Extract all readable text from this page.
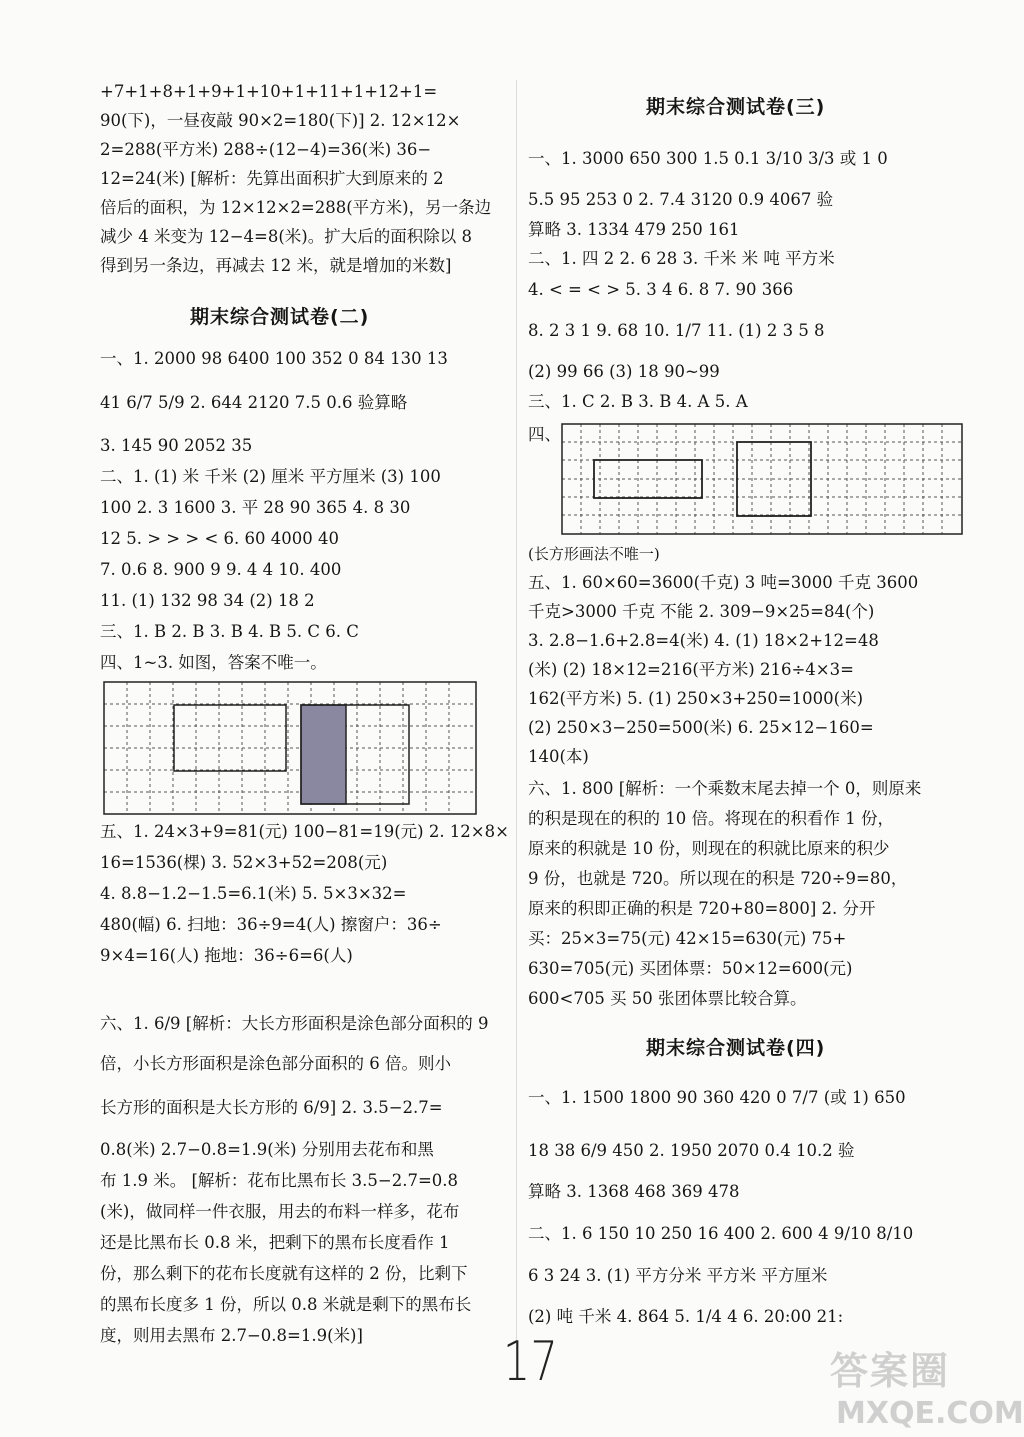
+7+1+8+1+9+1+10+1+11+1+12+1=
90(下)，一昼夜敲 90×2=180(下)] 2. 12×12×
2=288(平方米) 288÷(12−4)=36(米) 36−
12=24(米) [解析：先算出面积扩大到原来的 2
倍后的面积，为 12×12×2=288(平方米)，另一条边
减少 4 米变为 12−4=8(米)。扩大后的面积除以 8
得到另一条边，再减去 12 米，就是增加的米数]
期末综合测试卷(二)
一、1. 2000 98 6400 100 352 0 84 130 13
41 6/7 5/9 2. 644 2120 7.5 0.6 验算略
3. 145 90 2052 35
二、1. (1) 米 千米 (2) 厘米 平方厘米 (3) 100
100 2. 3 1600 3. 平 28 90 365 4. 8 30
12 5. > > > < 6. 60 4000 40
7. 0.6 8. 900 9 9. 4 4 10. 400
11. (1) 132 98 34 (2) 18 2
三、1. B 2. B 3. B 4. B 5. C 6. C
四、1~3. 如图，答案不唯一。
五、1. 24×3+9=81(元) 100−81=19(元) 2. 12×8×
16=1536(棵) 3. 52×3+52=208(元)
4. 8.8−1.2−1.5=6.1(米) 5. 5×3×32=
480(幅) 6. 扫地：36÷9=4(人) 擦窗户：36÷
9×4=16(人) 拖地：36÷6=6(人)
六、1. 6/9 [解析：大长方形面积是涂色部分面积的 9
倍，小长方形面积是涂色部分面积的 6 倍。则小
长方形的面积是大长方形的 6/9] 2. 3.5−2.7=
0.8(米) 2.7−0.8=1.9(米) 分别用去花布和黑
布 1.9 米。 [解析：花布比黑布长 3.5−2.7=0.8
(米)，做同样一件衣服，用去的布料一样多，花布
还是比黑布长 0.8 米，把剩下的黑布长度看作 1
份，那么剩下的花布长度就有这样的 2 份，比剩下
的黑布长度多 1 份，所以 0.8 米就是剩下的黑布长
度，则用去黑布 2.7−0.8=1.9(米)]
期末综合测试卷(三)
一、1. 3000 650 300 1.5 0.1 3/10 3/3 或 1 0
5.5 95 253 0 2. 7.4 3120 0.9 4067 验
算略 3. 1334 479 250 161
二、1. 四 2 2. 6 28 3. 千米 米 吨 平方米
4. < = < > 5. 3 4 6. 8 7. 90 366
8. 2 3 1 9. 68 10. 1/7 11. (1) 2 3 5 8
(2) 99 66 (3) 18 90~99
三、1. C 2. B 3. B 4. A 5. A
四、
(长方形画法不唯一)
五、1. 60×60=3600(千克) 3 吨=3000 千克 3600
千克>3000 千克 不能 2. 309−9×25=84(个)
3. 2.8−1.6+2.8=4(米) 4. (1) 18×2+12=48
(米) (2) 18×12=216(平方米) 216÷4×3=
162(平方米) 5. (1) 250×3+250=1000(米)
(2) 250×3−250=500(米) 6. 25×12−160=
140(本)
六、1. 800 [解析：一个乘数末尾去掉一个 0，则原来
的积是现在的积的 10 倍。将现在的积看作 1 份，
原来的积就是 10 份，则现在的积就比原来的积少
9 份，也就是 720。所以现在的积是 720÷9=80，
原来的积即正确的积是 720+80=800] 2. 分开
买：25×3=75(元) 42×15=630(元) 75+
630=705(元) 买团体票：50×12=600(元)
600<705 买 50 张团体票比较合算。
期末综合测试卷(四)
一、1. 1500 1800 90 360 420 0 7/7 (或 1) 650
18 38 6/9 450 2. 1950 2070 0.4 10.2 验
算略 3. 1368 468 369 478
二、1. 6 150 10 250 16 400 2. 600 4 9/10 8/10
6 3 24 3. (1) 平方分米 平方米 平方厘米
(2) 吨 千米 4. 864 5. 1/4 4 6. 20:00 21:
17	答案圈
MXQE.COM
